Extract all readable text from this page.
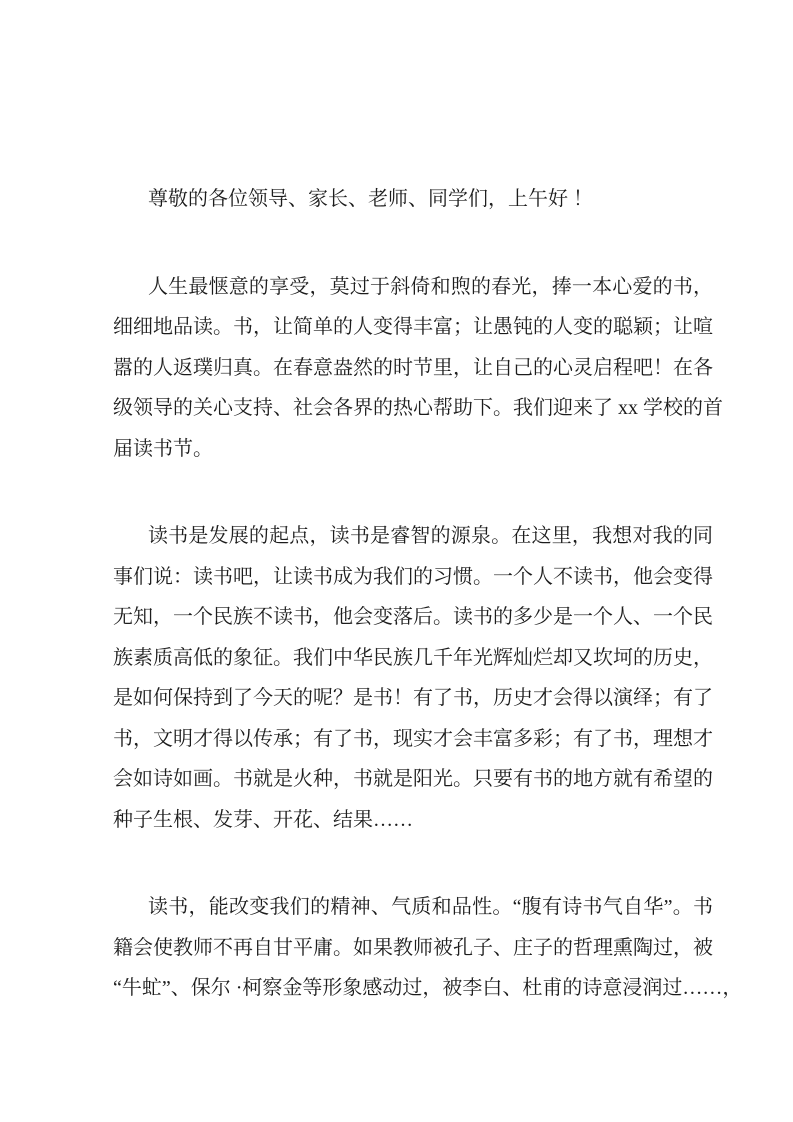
尊敬的各位领导、家长、老师、同学们，上午好 ！

人生最惬意的享受，莫过于斜倚和煦的春光，捧一本心爱的书，
细细地品读。书，让简单的人变得丰富；让愚钝的人变的聪颖；让喧
嚣的人返璞归真。在春意盎然的时节里，让自己的心灵启程吧！在各
级领导的关心支持、社会各界的热心帮助下。我们迎来了 xx 学校的首
届读书节。

读书是发展的起点，读书是睿智的源泉。在这里，我想对我的同
事们说：读书吧，让读书成为我们的习惯。一个人不读书，他会变得
无知，一个民族不读书，他会变落后。读书的多少是一个人、一个民
族素质高低的象征。我们中华民族几千年光辉灿烂却又坎坷的历史，
是如何保持到了今天的呢？是书！有了书，历史才会得以演绎；有了
书，文明才得以传承；有了书，现实才会丰富多彩；有了书，理想才
会如诗如画。书就是火种，书就是阳光。只要有书的地方就有希望的
种子生根、发芽、开花、结果……

读书，能改变我们的精神、气质和品性。“腹有诗书气自华”。书
籍会使教师不再自甘平庸。如果教师被孔子、庄子的哲理熏陶过，被
“牛虻”、保尔 ·柯察金等形象感动过，被李白、杜甫的诗意浸润过……，
